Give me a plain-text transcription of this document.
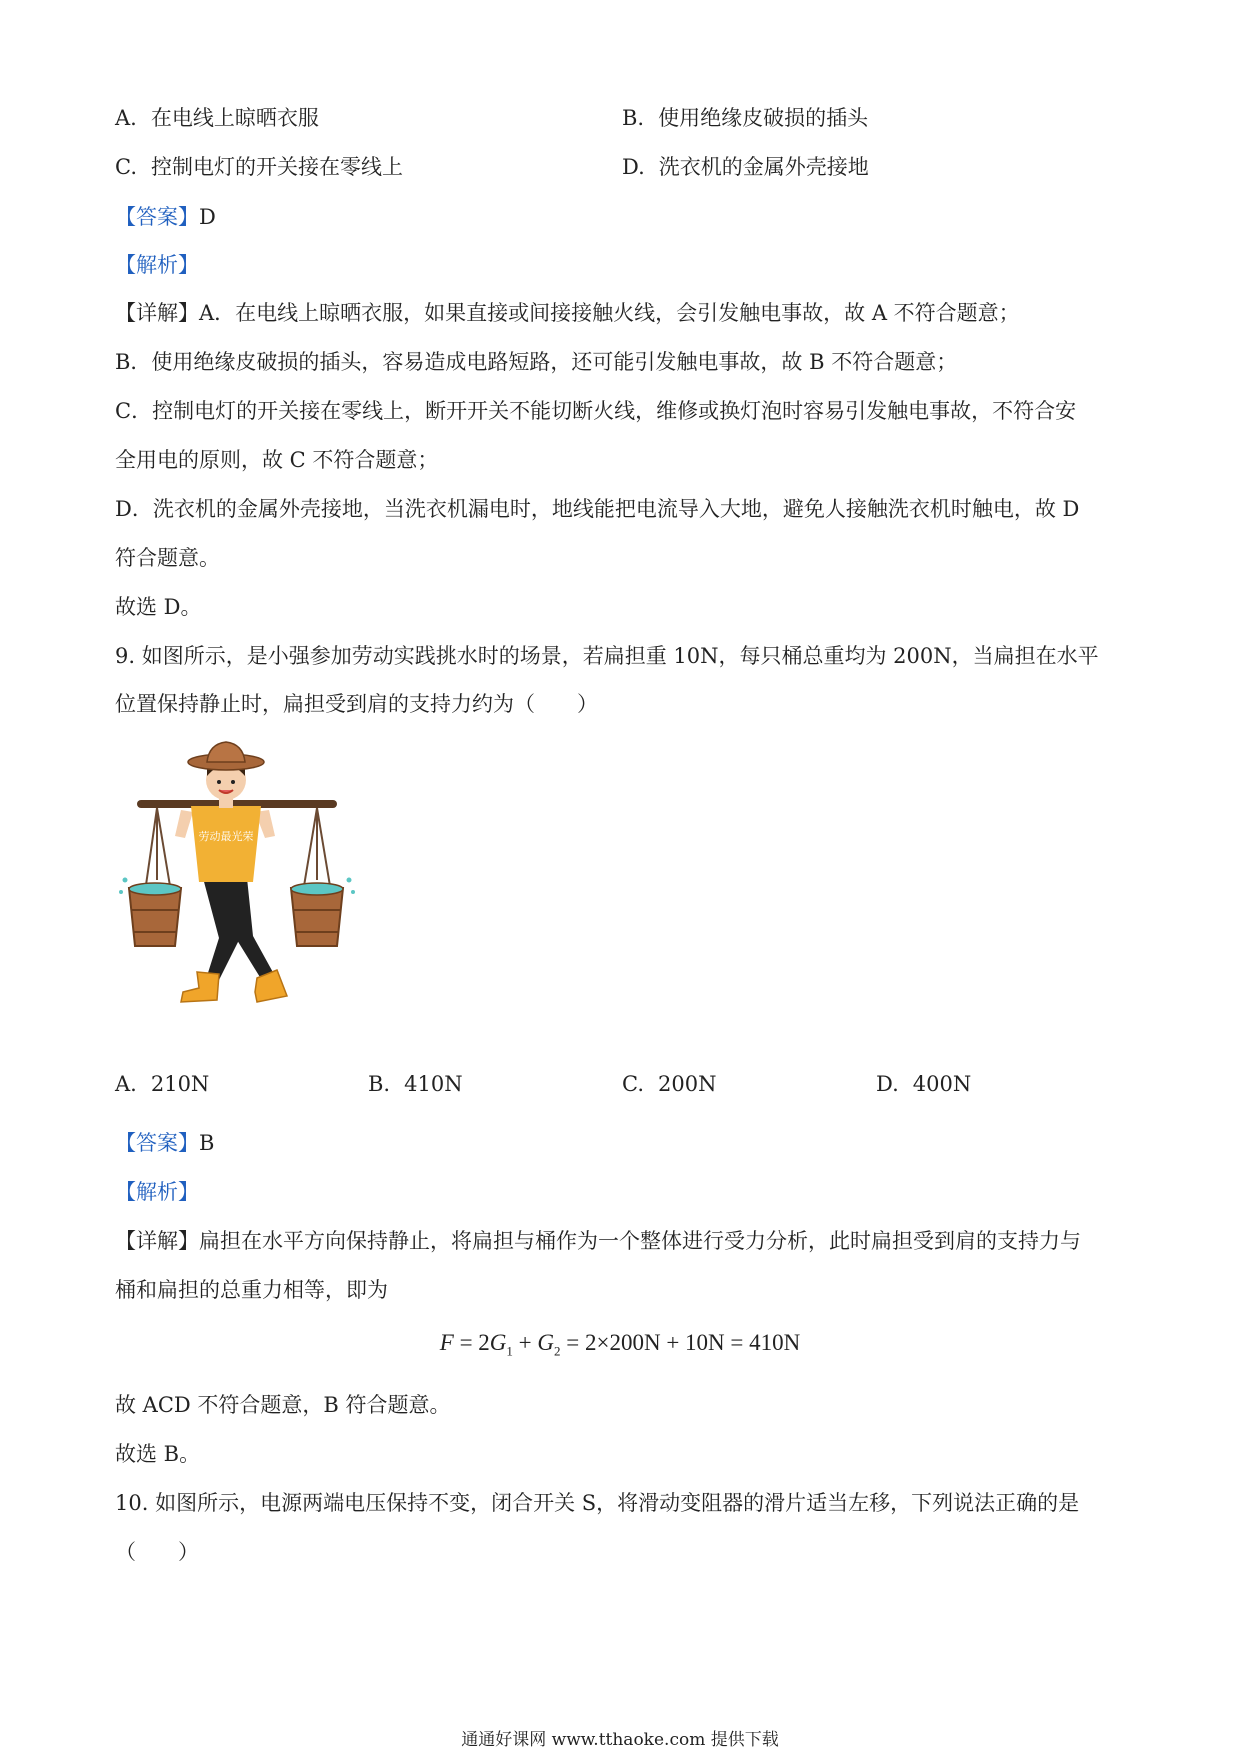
A. 在电线上晾晒衣服	B. 使用绝缘皮破损的插头
C. 控制电灯的开关接在零线上	D. 洗衣机的金属外壳接地
【答案】D
【解析】
【详解】A．在电线上晾晒衣服，如果直接或间接接触火线，会引发触电事故，故 A 不符合题意；
B．使用绝缘皮破损的插头，容易造成电路短路，还可能引发触电事故，故 B 不符合题意；
C．控制电灯的开关接在零线上，断开开关不能切断火线，维修或换灯泡时容易引发触电事故，不符合安
全用电的原则，故 C 不符合题意；
D．洗衣机的金属外壳接地，当洗衣机漏电时，地线能把电流导入大地，避免人接触洗衣机时触电，故 D
符合题意。
故选 D。
9. 如图所示，是小强参加劳动实践挑水时的场景，若扁担重 10N，每只桶总重均为 200N，当扁担在水平
位置保持静止时，扁担受到肩的支持力约为（　　）
劳动最光荣
A. 210N	B. 410N	C. 200N	D. 400N
【答案】B
【解析】
【详解】扁担在水平方向保持静止，将扁担与桶作为一个整体进行受力分析，此时扁担受到肩的支持力与
桶和扁担的总重力相等，即为
$F = 2G_1 + G_2 = 2\times 200N + 10N = 410N$
故 ACD 不符合题意，B 符合题意。
故选 B。
10. 如图所示，电源两端电压保持不变，闭合开关 S，将滑动变阻器的滑片适当左移，下列说法正确的是
（　　）
通通好课网 www.tthaoke.com 提供下载
